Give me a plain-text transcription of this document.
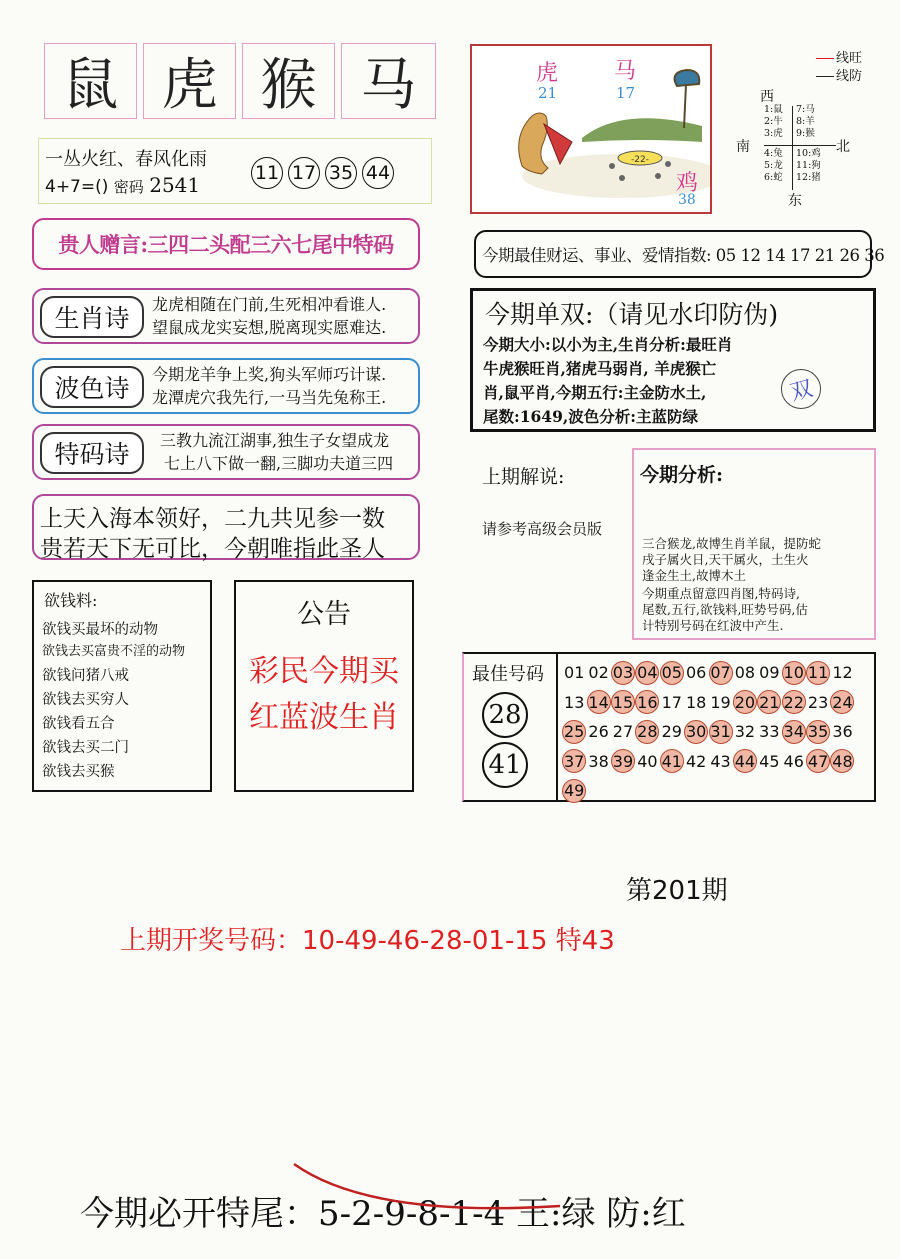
鼠 虎 猴 马
一丛火红、春风化雨
4+7=() 密码 2541	11 17 35 44
贵人赠言:三四二头配三六七尾中特码
生肖诗	龙虎相随在门前,生死相冲看谁人.
望鼠成龙实妄想,脱离现实愿难达.
波色诗	今期龙羊争上奖,狗头军师巧计谋.
龙潭虎穴我先行,一马当先兔称王.
特码诗	三教九流江湖事,独生子女望成龙
七上八下做一翻,三脚功夫道三四
上天入海本领好，二九共见参一数
贵若天下无可比，今朝唯指此圣人
欲钱料:
欲钱买最坏的动物
欲钱去买富贵不淫的动物
欲钱问猪八戒
欲钱去买穷人
欲钱看五合
欲钱去买二门
欲钱去买猴
公告
彩民今期买
红蓝波生肖
-22-
虎
21
马
17
鸡
38
线旺
线防
西
南	北
东
1:鼠
2:牛
3:虎
7:马
8:羊
9:猴
4:兔
5:龙
6:蛇
10:鸡
11:狗
12:猪
今期最佳财运、事业、爱情指数: 05 12 14 17 21 26 36
今期单双:（请见水印防伪)
今期大小:以小为主,生肖分析:最旺肖
牛虎猴旺肖,猪虎马弱肖, 羊虎猴亡
肖,鼠平肖,今期五行:主金防水土,
尾数:1649,波色分析:主蓝防绿
双
上期解说:
请参考高级会员版
今期分析:
三合猴龙,故博生肖羊鼠，提防蛇
戌子属火日,天干属火，土生火
逢金生土,故博木土
今期重点留意四肖图,特码诗,
尾数,五行,欲钱料,旺势号码,估
计特别号码在红波中产生.
最佳号码
28
41
01 02 03 04 05 06 07 08 09 10 11 12
13 14 15 16 17 18 19 20 21 22 23 24
25 26 27 28 29 30 31 32 33 34 35 36
37 38 39 40 41 42 43 44 45 46 47 48
49
第201期
上期开奖号码：10-49-46-28-01-15 特43
今期必开特尾：5-2-9-8-1-4 王:绿 防:红
